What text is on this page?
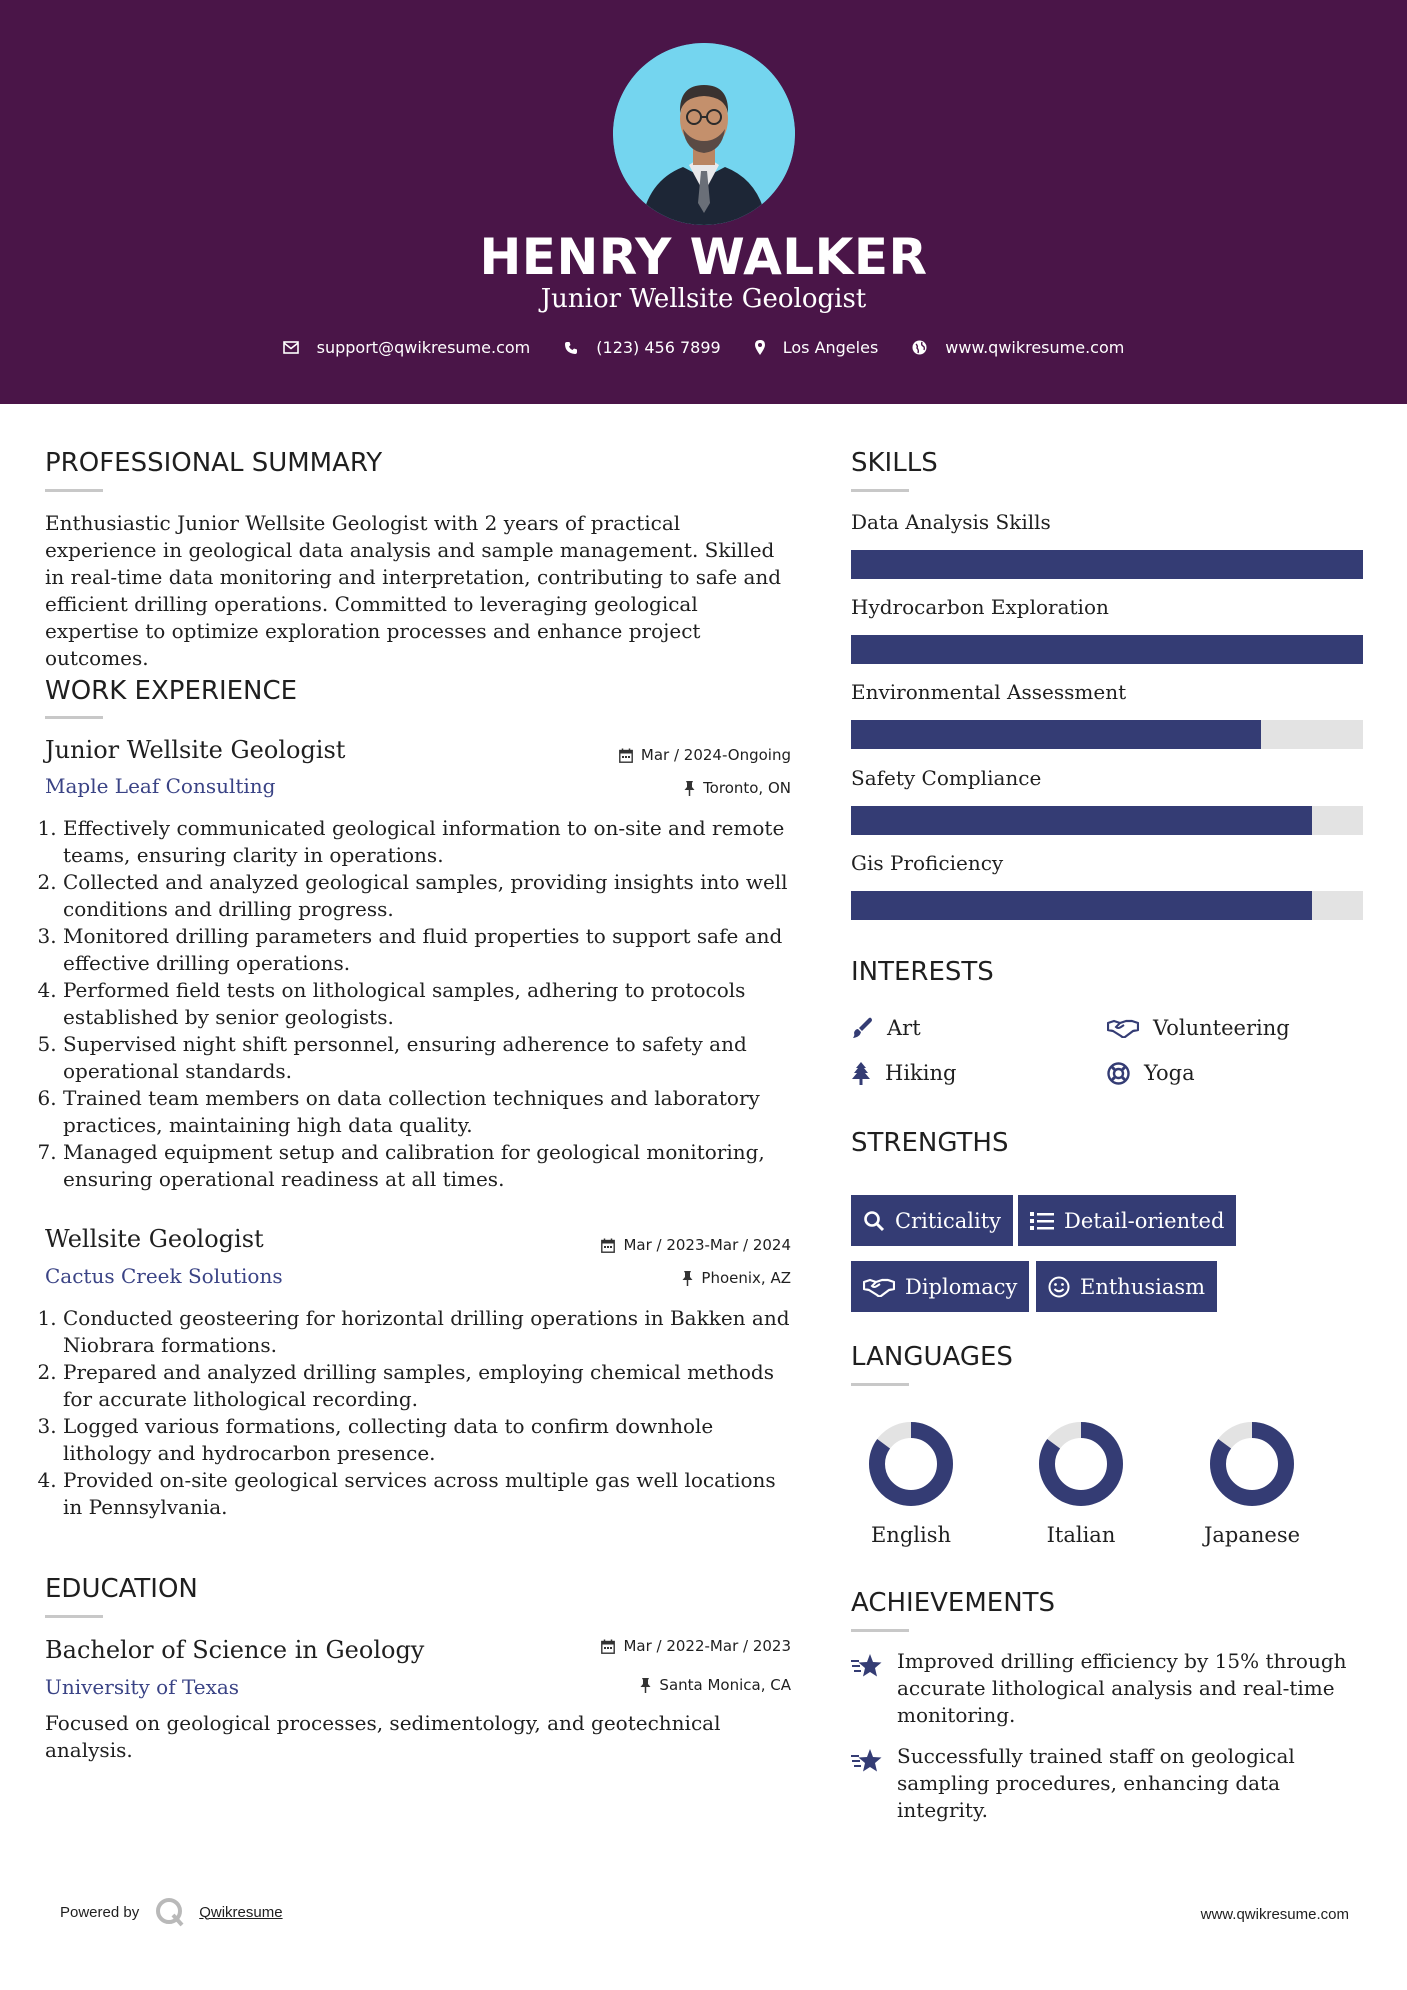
HENRY WALKER
Junior Wellsite Geologist
support@qwikresume.com	(123) 456 7899	Los Angeles	www.qwikresume.com
PROFESSIONAL SUMMARY
Enthusiastic Junior Wellsite Geologist with 2 years of practical experience in geological data analysis and sample management. Skilled in real-time data monitoring and interpretation, contributing to safe and efficient drilling operations. Committed to leveraging geological expertise to optimize exploration processes and enhance project outcomes.
WORK EXPERIENCE
Junior Wellsite Geologist	Mar / 2024-Ongoing
Maple Leaf Consulting	Toronto, ON
1. Effectively communicated geological information to on-site and remote teams, ensuring clarity in operations.
2. Collected and analyzed geological samples, providing insights into well conditions and drilling progress.
3. Monitored drilling parameters and fluid properties to support safe and effective drilling operations.
4. Performed field tests on lithological samples, adhering to protocols established by senior geologists.
5. Supervised night shift personnel, ensuring adherence to safety and operational standards.
6. Trained team members on data collection techniques and laboratory practices, maintaining high data quality.
7. Managed equipment setup and calibration for geological monitoring, ensuring operational readiness at all times.
Wellsite Geologist	Mar / 2023-Mar / 2024
Cactus Creek Solutions	Phoenix, AZ
1. Conducted geosteering for horizontal drilling operations in Bakken and Niobrara formations.
2. Prepared and analyzed drilling samples, employing chemical methods for accurate lithological recording.
3. Logged various formations, collecting data to confirm downhole lithology and hydrocarbon presence.
4. Provided on-site geological services across multiple gas well locations in Pennsylvania.
EDUCATION
Bachelor of Science in Geology	Mar / 2022-Mar / 2023
University of Texas	Santa Monica, CA
Focused on geological processes, sedimentology, and geotechnical analysis.
SKILLS
Data Analysis Skills
Hydrocarbon Exploration
Environmental Assessment
Safety Compliance
Gis Proficiency
INTERESTS
Art	Volunteering
Hiking	Yoga
STRENGTHS
Criticality	Detail-oriented
Diplomacy	Enthusiasm
LANGUAGES
English	Italian	Japanese
ACHIEVEMENTS
Improved drilling efficiency by 15% through accurate lithological analysis and real-time monitoring.
Successfully trained staff on geological sampling procedures, enhancing data integrity.
Powered by	Qwikresume	www.qwikresume.com
